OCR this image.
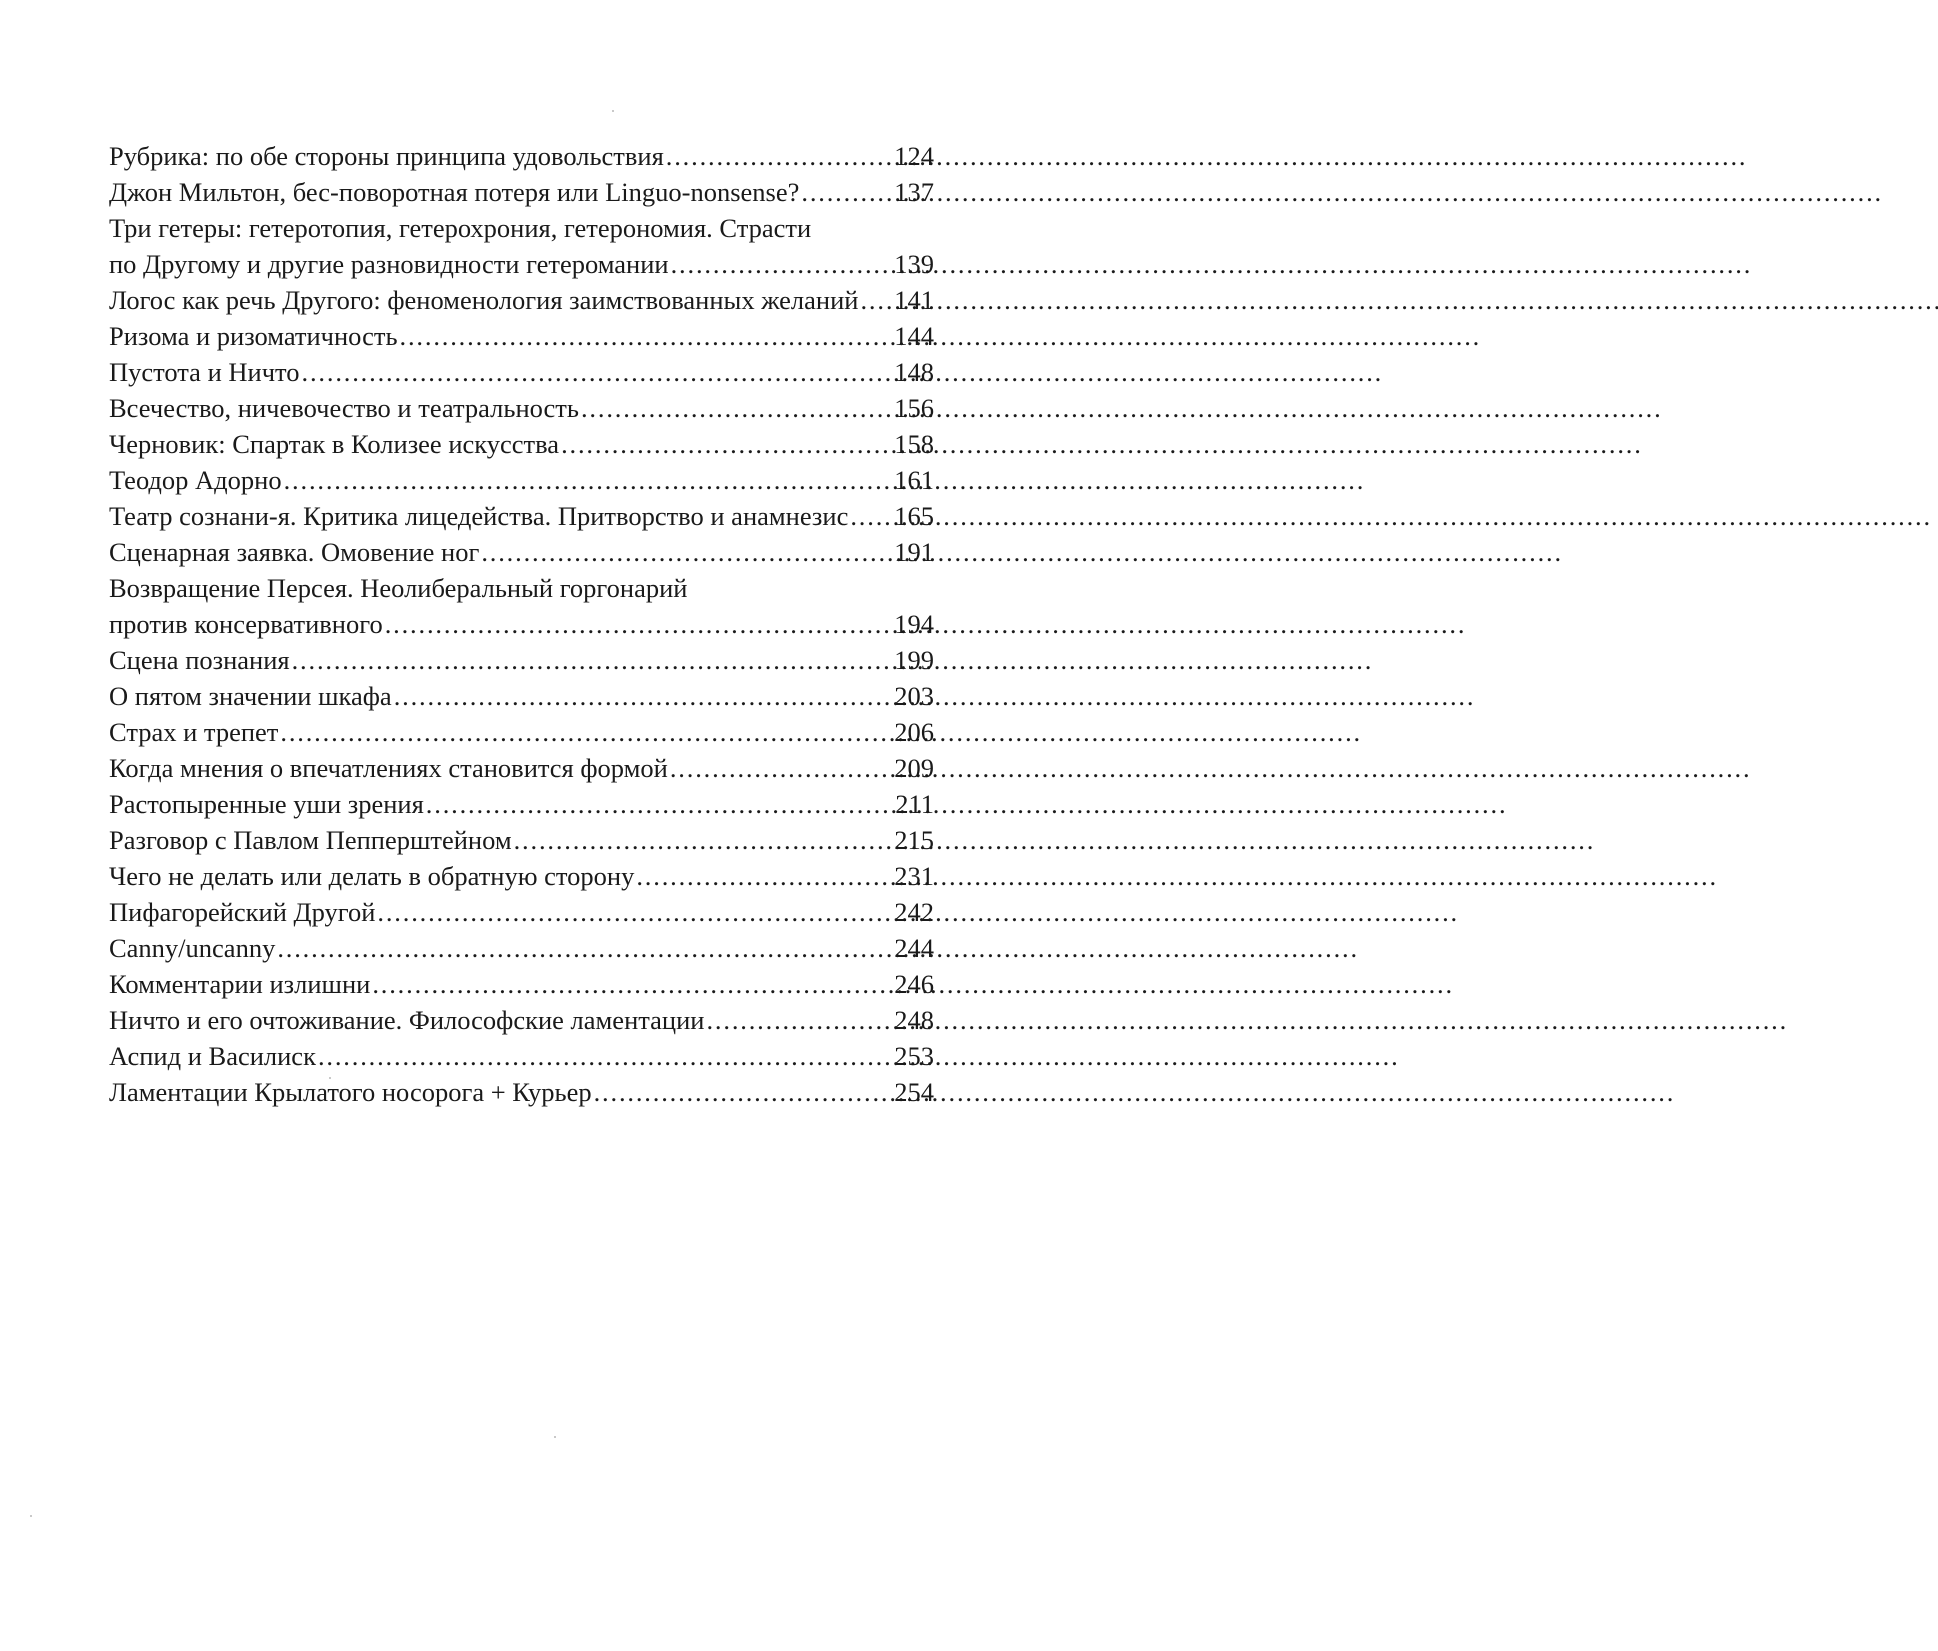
Рубрика: по обе стороны принципа удовольствия . . .	124
Джон Мильтон, бес-поворотная потеря или Linguo-nonsense? . . .	137
Три гетеры: гетеротопия, гетерохрония, гетерономия. Страсти
по Другому и другие разновидности гетеромании . . .	139
Логос как речь Другого: феноменология заимствованных желаний . . . 141
Ризома и ризоматичность . . .	144
Пустота и Ничто . . .	148
Всечество, ничевочество и театральность . . .	156
Черновик: Спартак в Колизее искусства . . .	158
Теодор Адорно . . .	161
Театр сознани-я. Критика лицедейства. Притворство и анамнезис . . . 165
Сценарная заявка. Омовение ног . . .	191
Возвращение Персея. Неолиберальный горгонарий
против консервативного . . .	194
Сцена познания . . .	199
О пятом значении шкафа . . .	203
Страх и трепет . . .	206
Когда мнения о впечатлениях становится формой . . .	209
Растопыренные уши зрения . . .	211
Разговор с Павлом Пепперштейном . . .	215
Чего не делать или делать в обратную сторону . . .	231
Пифагорейский Другой . . .	242
Canny/uncanny . . .	244
Комментарии излишни . . .	246
Ничто и его очтоживание. Философские ламентации . . .	248
Аспид и Василиск . . .	253
Ламентации Крылатого носорога + Курьер . . .	254
